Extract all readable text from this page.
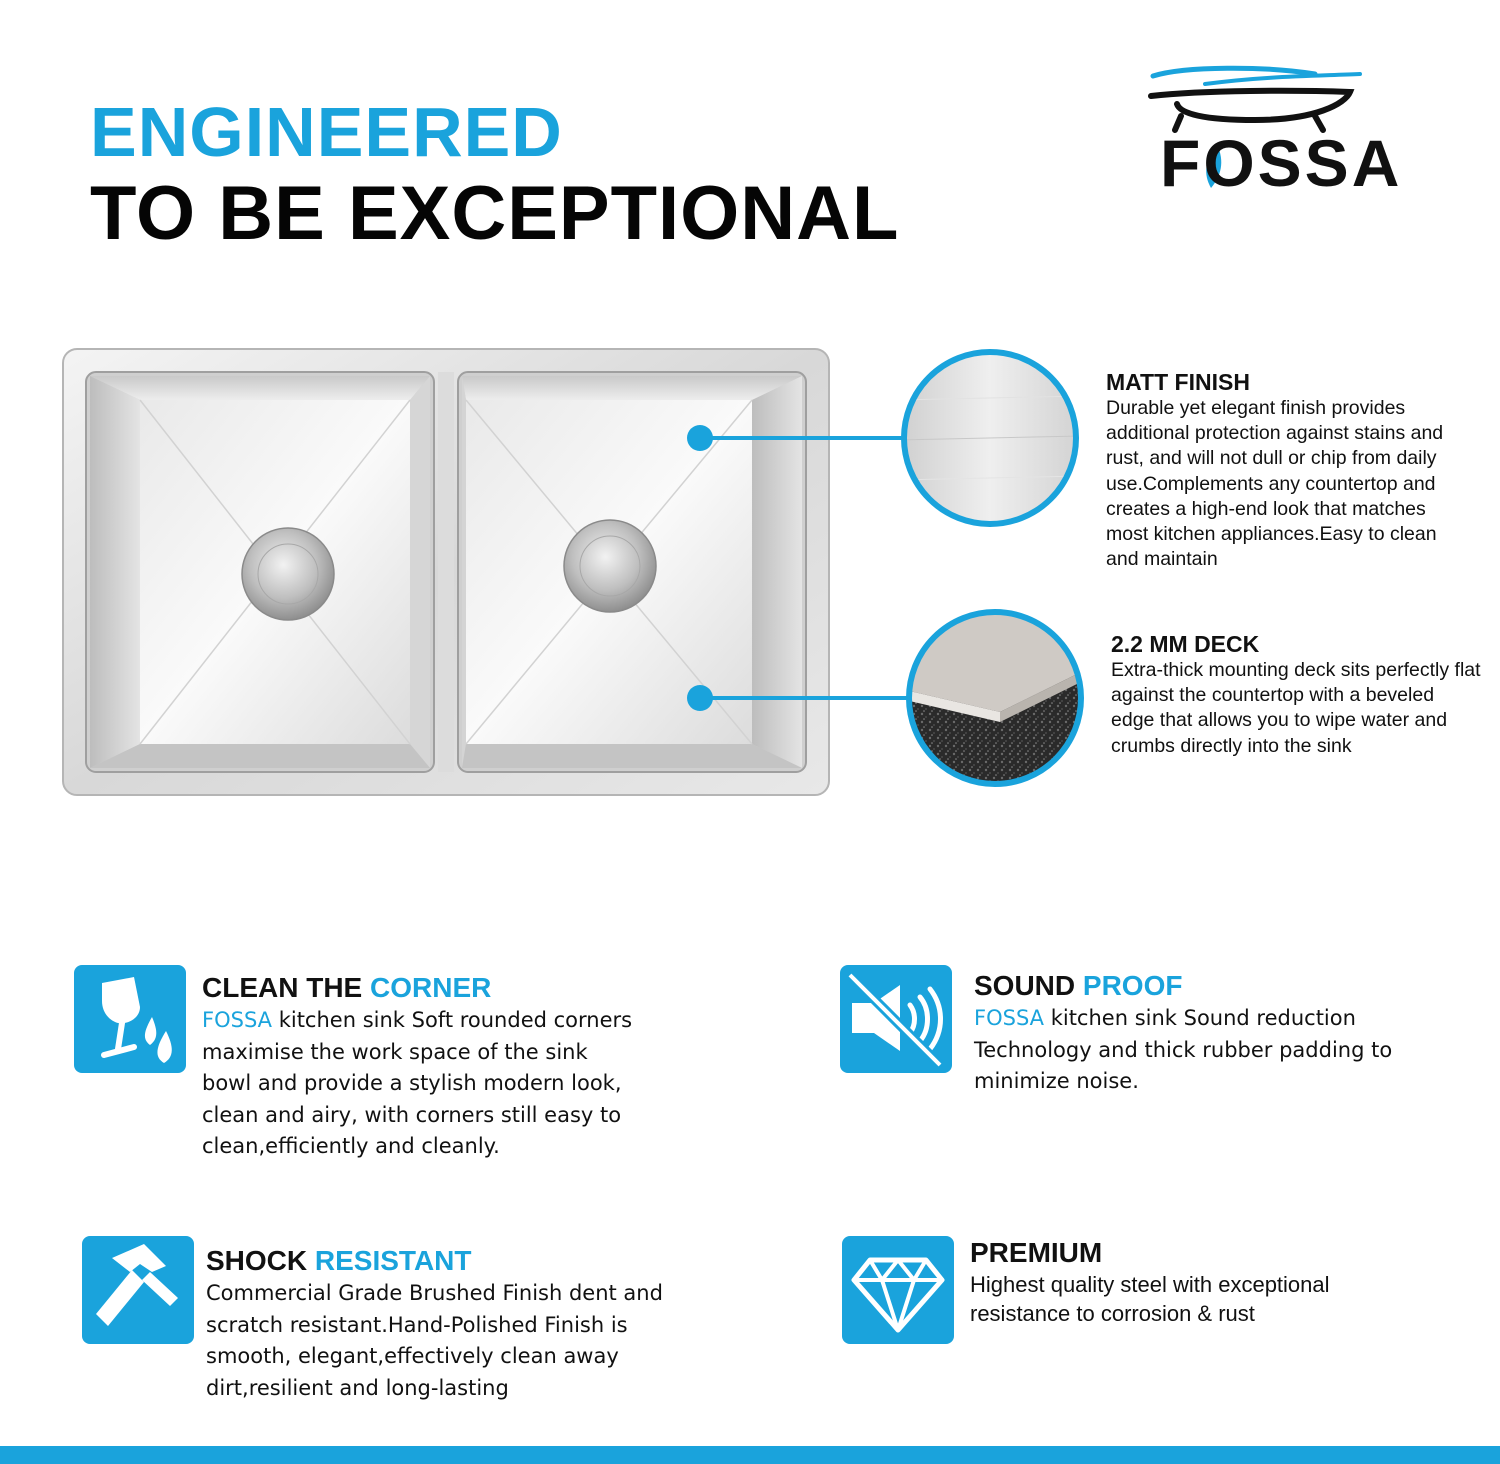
ENGINEERED
TO BE EXCEPTIONAL
FOSSA
MATT FINISH
Durable yet elegant finish provides additional protection against stains and rust, and will not dull or chip from daily use.Complements any countertop and creates a high-end look that matches most kitchen appliances.Easy to clean and maintain
2.2 MM DECK
Extra-thick mounting deck sits perfectly flat against the countertop with a beveled edge that allows you to wipe water and crumbs directly into the sink
CLEAN THE CORNER
FOSSA kitchen sink Soft rounded corners maximise the work space of the sink bowl and provide a stylish modern look, clean and airy, with corners still easy to clean,efficiently and cleanly.
SOUND PROOF
FOSSA kitchen sink Sound reduction Technology and thick rubber padding to minimize noise.
SHOCK RESISTANT
Commercial Grade Brushed Finish dent and scratch resistant.Hand-Polished Finish is smooth, elegant,effectively clean away dirt,resilient and long-lasting
PREMIUM
Highest quality steel with exceptional resistance to corrosion & rust
